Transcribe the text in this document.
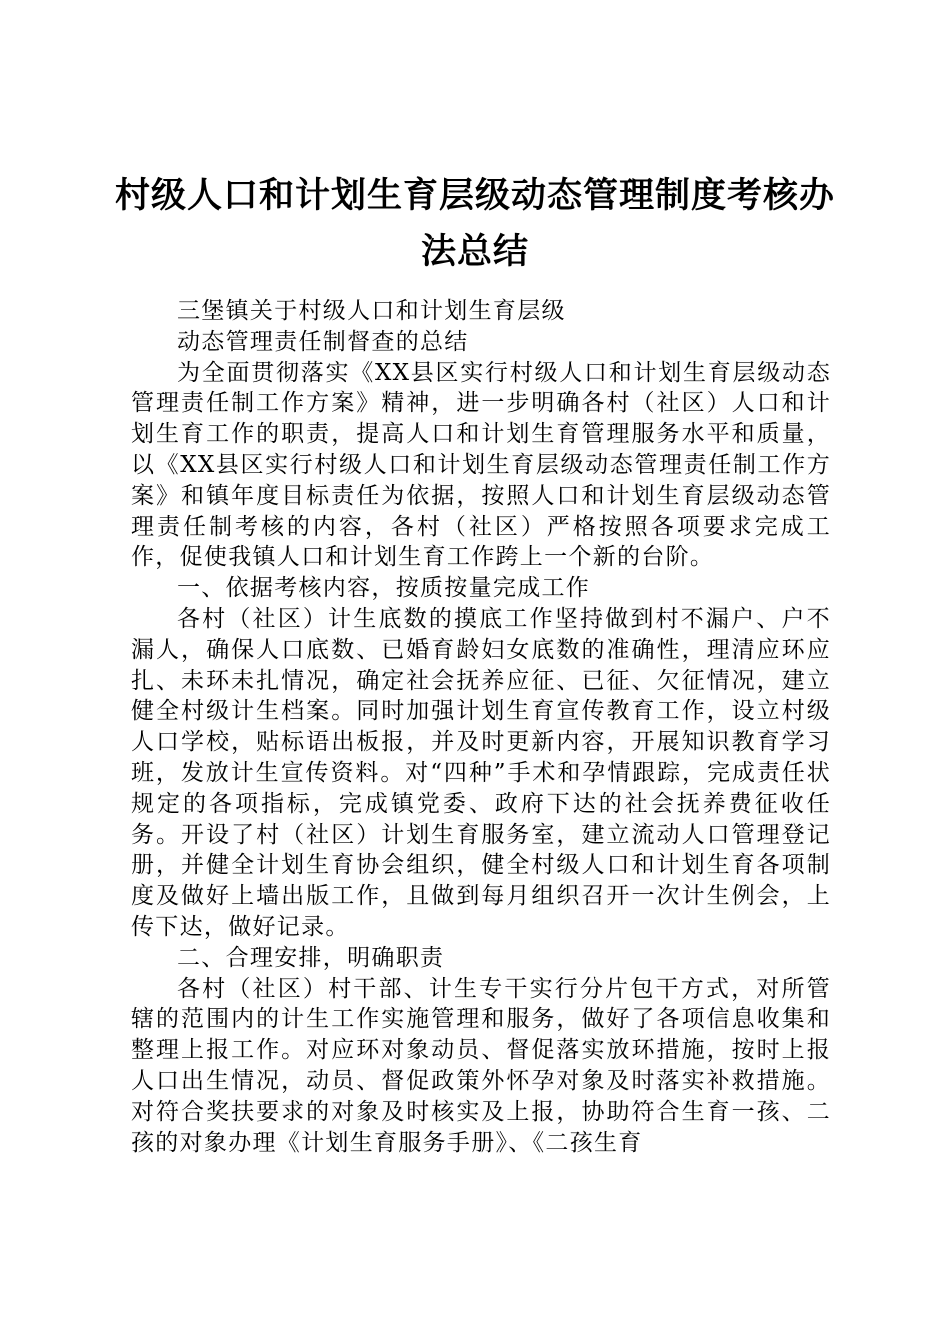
村级人口和计划生育层级动态管理制度考核办法总结

三堡镇关于村级人口和计划生育层级

动态管理责任制督查的总结

为全面贯彻落实《XX县区实行村级人口和计划生育层级动态管理责任制工作方案》精神，进一步明确各村（社区）人口和计划生育工作的职责，提高人口和计划生育管理服务水平和质量，以《XX县区实行村级人口和计划生育层级动态管理责任制工作方案》和镇年度目标责任为依据，按照人口和计划生育层级动态管理责任制考核的内容，各村（社区）严格按照各项要求完成工作，促使我镇人口和计划生育工作跨上一个新的台阶。

一、依据考核内容，按质按量完成工作

各村（社区）计生底数的摸底工作坚持做到村不漏户、户不漏人，确保人口底数、已婚育龄妇女底数的准确性，理清应环应扎、未环未扎情况，确定社会抚养应征、已征、欠征情况，建立健全村级计生档案。同时加强计划生育宣传教育工作，设立村级人口学校，贴标语出板报，并及时更新内容，开展知识教育学习班，发放计生宣传资料。对“四种”手术和孕情跟踪，完成责任状规定的各项指标，完成镇党委、政府下达的社会抚养费征收任务。开设了村（社区）计划生育服务室，建立流动人口管理登记册，并健全计划生育协会组织，健全村级人口和计划生育各项制度及做好上墙出版工作，且做到每月组织召开一次计生例会，上传下达，做好记录。

二、合理安排，明确职责

各村（社区）村干部、计生专干实行分片包干方式，对所管辖的范围内的计生工作实施管理和服务，做好了各项信息收集和整理上报工作。对应环对象动员、督促落实放环措施，按时上报人口出生情况，动员、督促政策外怀孕对象及时落实补救措施。对符合奖扶要求的对象及时核实及上报，协助符合生育一孩、二孩的对象办理《计划生育服务手册》、《二孩生育
